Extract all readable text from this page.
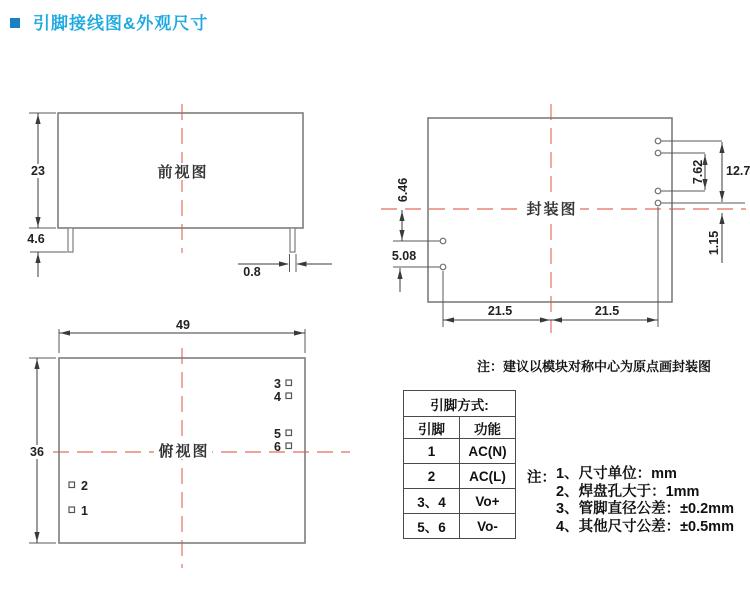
引脚接线图&外观尺寸
前视图
23
4.6
0.8
封装图
6.46
5.08
7.62 12.7
1.15
21.5	21.5
俯视图
3
4
5
6
2
1
49
36
注：建议以模块对称中心为原点画封装图
引脚方式:	
引脚	功能
1	AC(N)
2	AC(L)
3、4	Vo+
5、6	Vo-
注： 1、尺寸单位：mm
2、焊盘孔大于：1mm
3、管脚直径公差：±0.2mm
4、其他尺寸公差：±0.5mm
